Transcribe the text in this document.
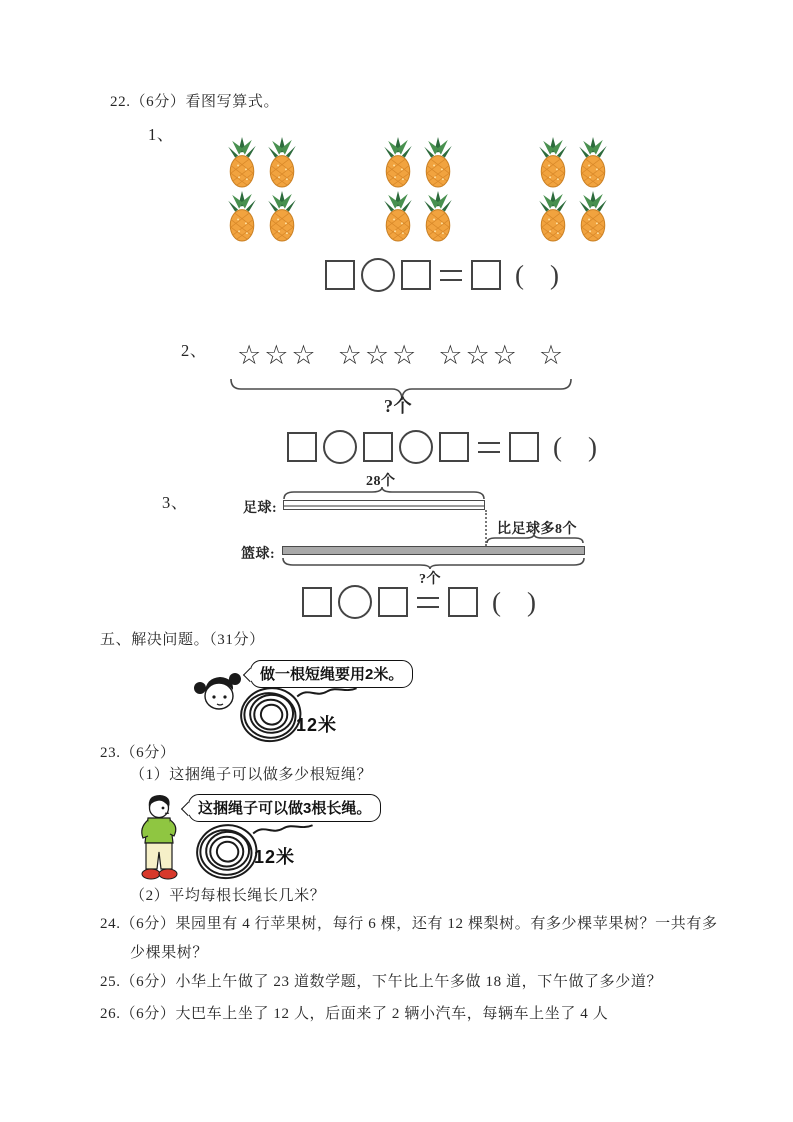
22.（6分）看图写算式。
1、
( )
2、 ☆☆☆ ☆☆☆ ☆☆☆ ☆
?个
( )
3、
28个
足球:
比足球多8个
篮球:
?个
( )
五、解决问题。（31分）
做一根短绳要用2米。
12米
23.（6分）
（1）这捆绳子可以做多少根短绳？
这捆绳子可以做3根长绳。
12米
（2）平均每根长绳长几米？
24.（6分）果园里有 4 行苹果树，每行 6 棵，还有 12 棵梨树。有多少棵苹果树？一共有多
少棵果树？
25.（6分）小华上午做了 23 道数学题，下午比上午多做 18 道，下午做了多少道？
26.（6分）大巴车上坐了 12 人，后面来了 2 辆小汽车，每辆车上坐了 4 人
